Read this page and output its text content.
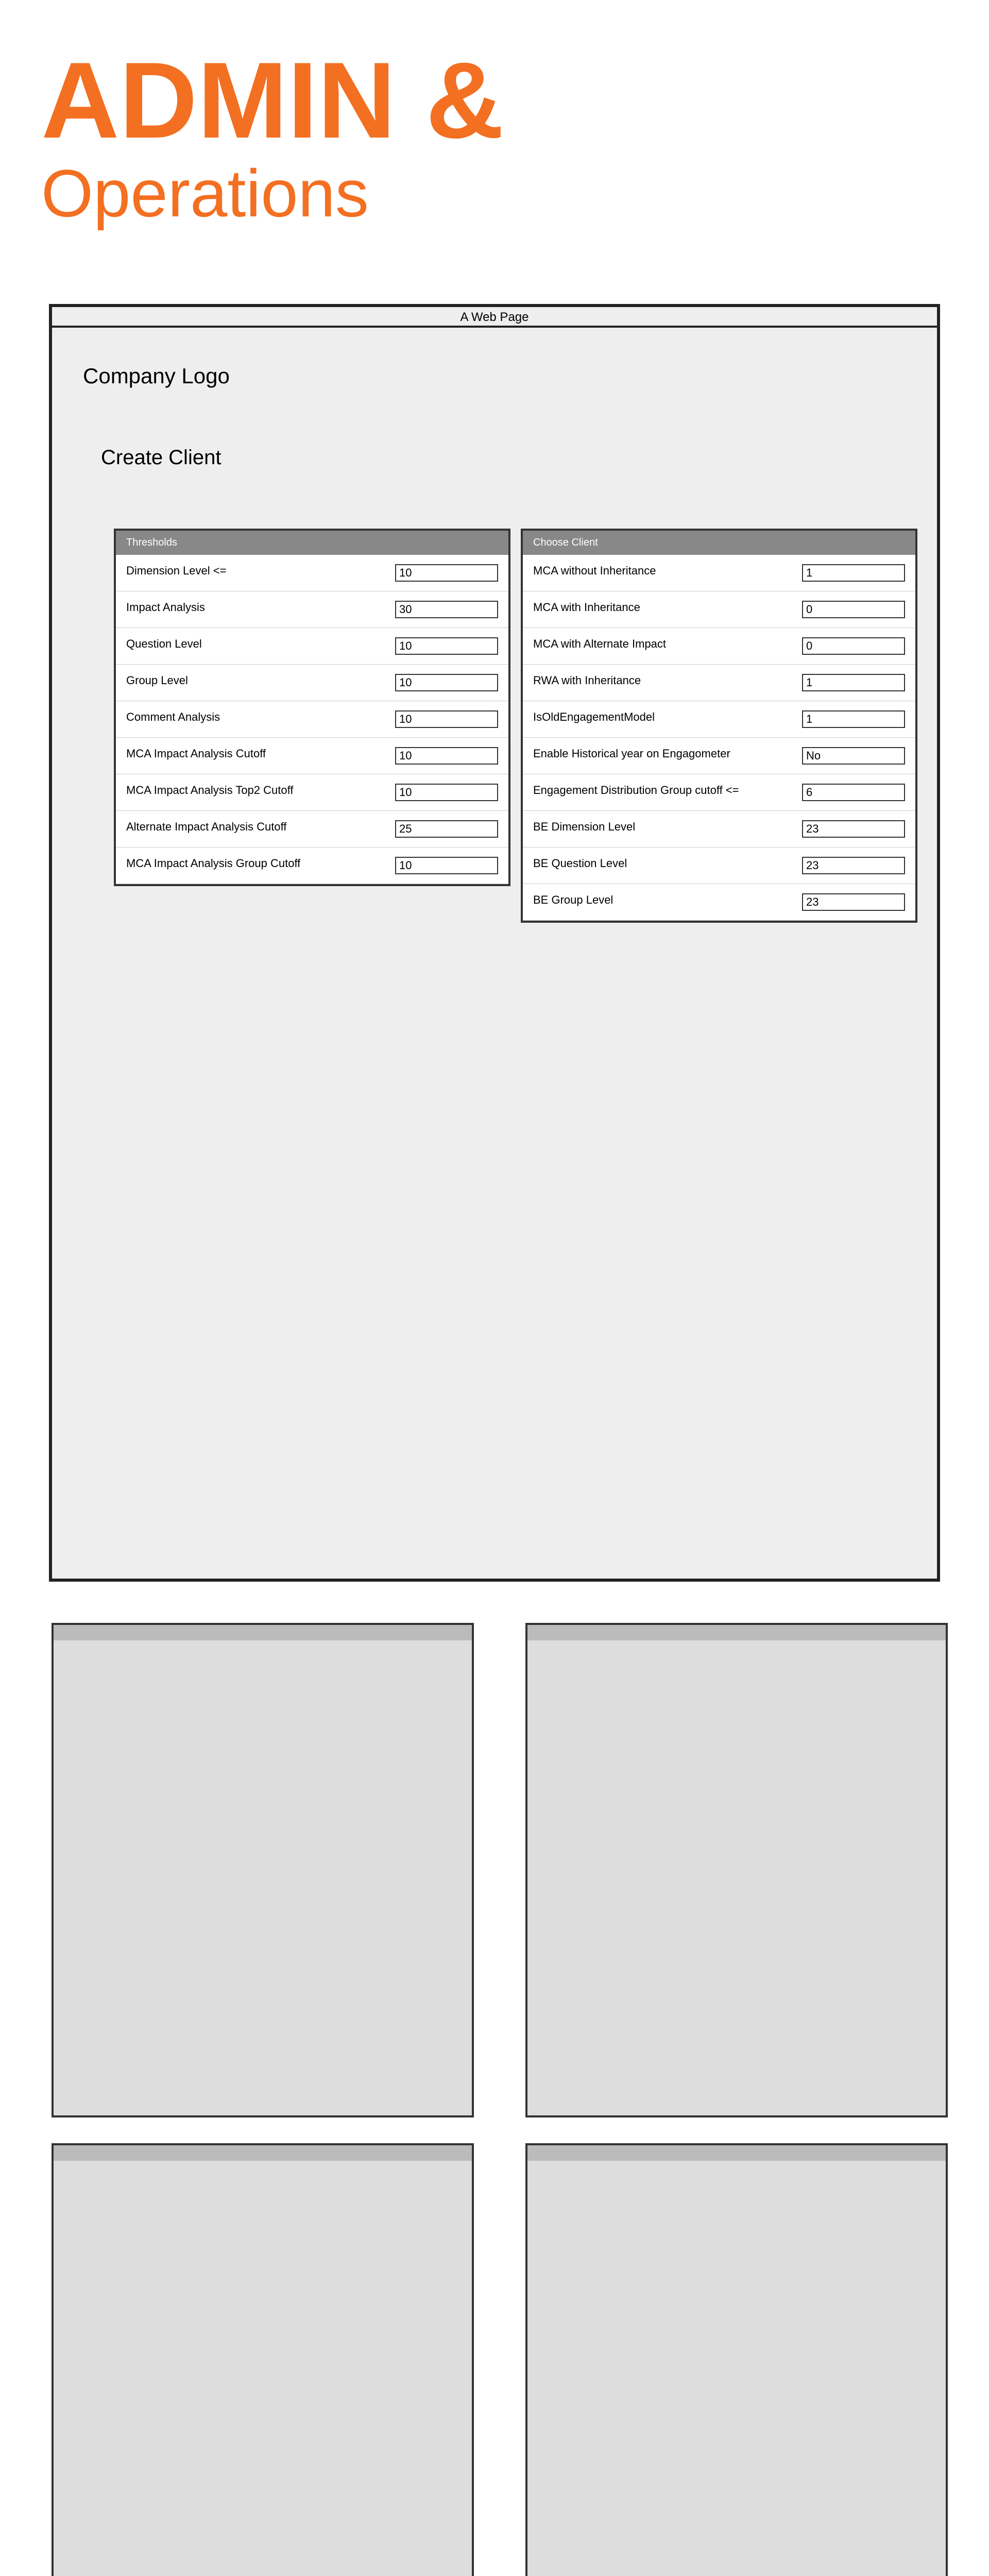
ADMIN &
Operations
A Web Page
Company Logo
Create Client
Thresholds
Dimension Level <=	10
Impact Analysis	30
Question Level	10
Group Level	10
Comment Analysis	10
MCA Impact Analysis Cutoff	10
MCA Impact Analysis Top2 Cutoff	10
Alternate Impact Analysis Cutoff	25
MCA Impact Analysis Group Cutoff	10
Choose Client
MCA without Inheritance	1
MCA with Inheritance	0
MCA with Alternate Impact	0
RWA with Inheritance	1
IsOldEngagementModel	1
Enable Historical year on Engagometer	No
Engagement Distribution Group cutoff <=	6
BE Dimension Level	23
BE Question Level	23
BE Group Level	23
